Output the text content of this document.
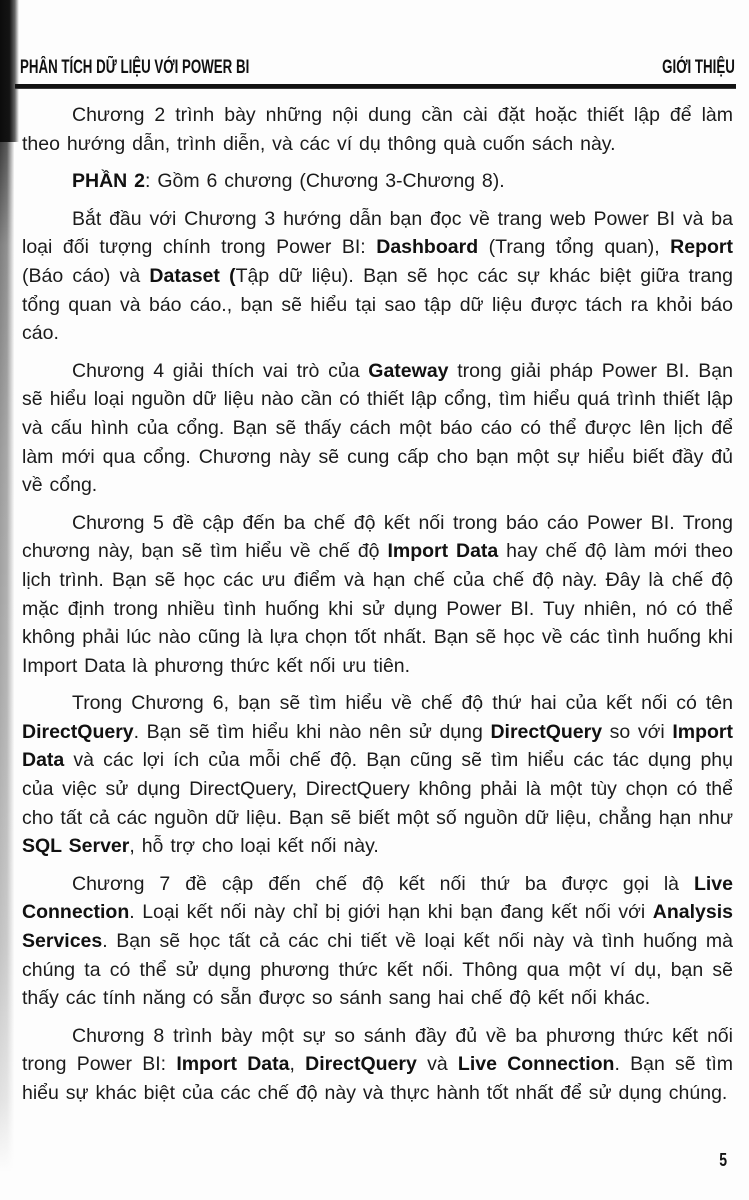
PHÂN TÍCH DỮ LIỆU VỚI POWER BI	GIỚI THIỆU

Chương 2 trình bày những nội dung cần cài đặt hoặc thiết lập để làm theo hướng dẫn, trình diễn, và các ví dụ thông quà cuốn sách này.

PHẦN 2: Gồm 6 chương (Chương 3-Chương 8).

Bắt đầu với Chương 3 hướng dẫn bạn đọc về trang web Power BI và ba loại đối tượng chính trong Power BI: Dashboard (Trang tổng quan), Report (Báo cáo) và Dataset (Tập dữ liệu). Bạn sẽ học các sự khác biệt giữa trang tổng quan và báo cáo., bạn sẽ hiểu tại sao tập dữ liệu được tách ra khỏi báo cáo.

Chương 4 giải thích vai trò của Gateway trong giải pháp Power BI. Bạn sẽ hiểu loại nguồn dữ liệu nào cần có thiết lập cổng, tìm hiểu quá trình thiết lập và cấu hình của cổng. Bạn sẽ thấy cách một báo cáo có thể được lên lịch để làm mới qua cổng. Chương này sẽ cung cấp cho bạn một sự hiểu biết đầy đủ về cổng.

Chương 5 đề cập đến ba chế độ kết nối trong báo cáo Power BI. Trong chương này, bạn sẽ tìm hiểu về chế độ Import Data hay chế độ làm mới theo lịch trình. Bạn sẽ học các ưu điểm và hạn chế của chế độ này. Đây là chế độ mặc định trong nhiều tình huống khi sử dụng Power BI. Tuy nhiên, nó có thể không phải lúc nào cũng là lựa chọn tốt nhất. Bạn sẽ học về các tình huống khi Import Data là phương thức kết nối ưu tiên.

Trong Chương 6, bạn sẽ tìm hiểu về chế độ thứ hai của kết nối có tên DirectQuery. Bạn sẽ tìm hiểu khi nào nên sử dụng DirectQuery so với Import Data và các lợi ích của mỗi chế độ. Bạn cũng sẽ tìm hiểu các tác dụng phụ của việc sử dụng DirectQuery, DirectQuery không phải là một tùy chọn có thể cho tất cả các nguồn dữ liệu. Bạn sẽ biết một số nguồn dữ liệu, chẳng hạn như SQL Server, hỗ trợ cho loại kết nối này.

Chương 7 đề cập đến chế độ kết nối thứ ba được gọi là Live Connection. Loại kết nối này chỉ bị giới hạn khi bạn đang kết nối với Analysis Services. Bạn sẽ học tất cả các chi tiết về loại kết nối này và tình huống mà chúng ta có thể sử dụng phương thức kết nối. Thông qua một ví dụ, bạn sẽ thấy các tính năng có sẵn được so sánh sang hai chế độ kết nối khác.

Chương 8 trình bày một sự so sánh đầy đủ về ba phương thức kết nối trong Power BI: Import Data, DirectQuery và Live Connection. Bạn sẽ tìm hiểu sự khác biệt của các chế độ này và thực hành tốt nhất để sử dụng chúng.

5
